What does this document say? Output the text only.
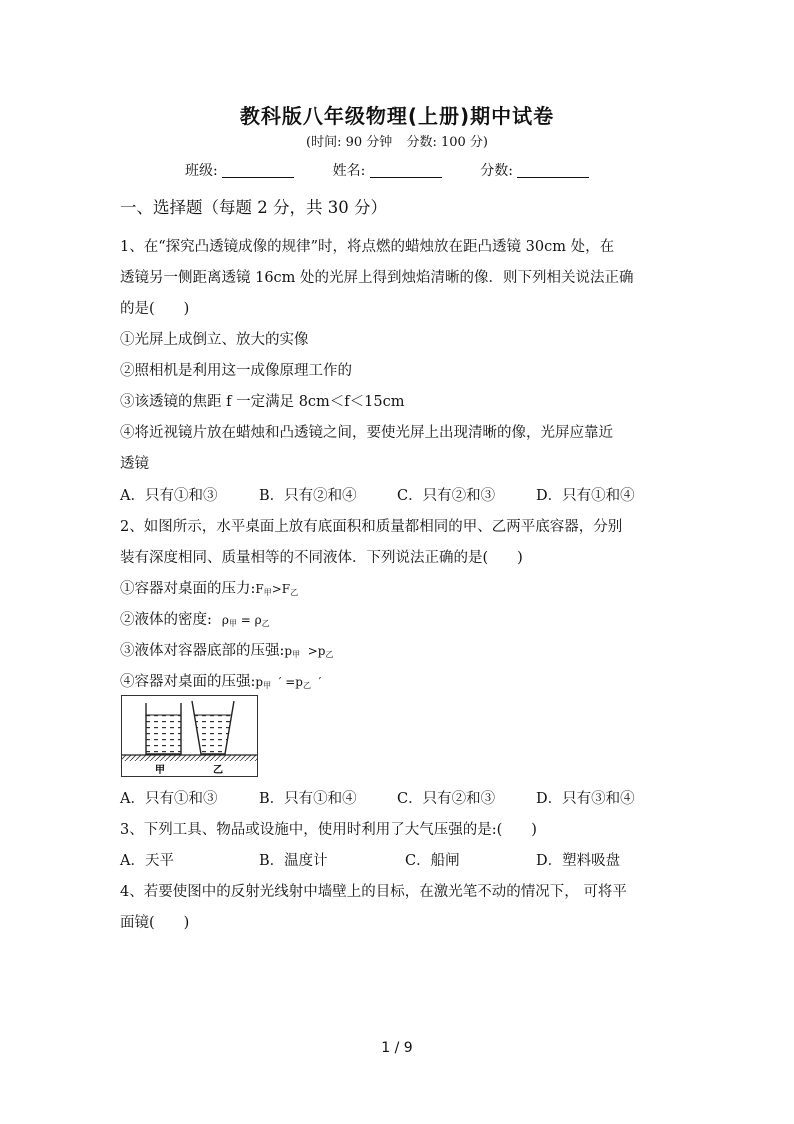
教科版八年级物理(上册)期中试卷
(时间: 90 分钟 分数: 100 分)
班级:	姓名:	分数:
一、选择题（每题 2 分，共 30 分）
1、在“探究凸透镜成像的规律”时，将点燃的蜡烛放在距凸透镜 30cm 处，在
透镜另一侧距离透镜 16cm 处的光屏上得到烛焰清晰的像．则下列相关说法正确
的是(　　)
①光屏上成倒立、放大的实像
②照相机是利用这一成像原理工作的
③该透镜的焦距 f 一定满足 8cm＜f＜15cm
④将近视镜片放在蜡烛和凸透镜之间，要使光屏上出现清晰的像，光屏应靠近
透镜
A．只有①和③	B．只有②和④	C．只有②和③	D．只有①和④
2、如图所示，水平桌面上放有底面积和质量都相同的甲、乙两平底容器，分别
装有深度相同、质量相等的不同液体．下列说法正确的是(　　)
①容器对桌面的压力$:F_甲>F_乙$
②液体的密度: $\rho_甲 = \rho_乙$
③液体对容器底部的压强$:p_甲 >p_乙$
④容器对桌面的压强$:p_甲$  ′ $=p_乙$  ′
甲	乙
A．只有①和③	B．只有①和④	C．只有②和③	D．只有③和④
3、下列工具、物品或设施中，使用时利用了大气压强的是:(　　)
A．天平	B．温度计	C．船闸	D．塑料吸盘
4、若要使图中的反射光线射中墙壁上的目标，在激光笔不动的情况下， 可将平
面镜(　　)
1 / 9
